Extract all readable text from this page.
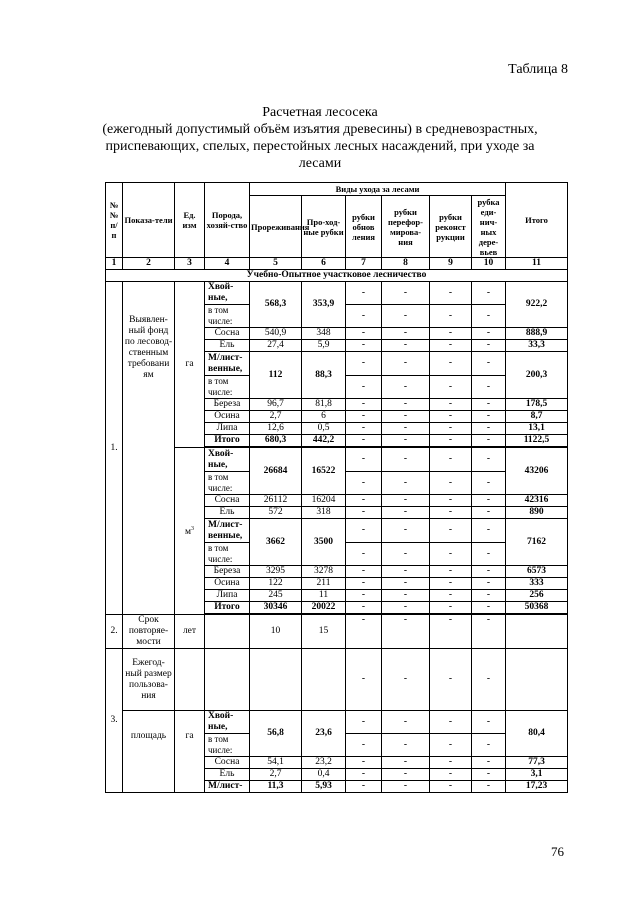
Таблица 8
Расчетная лесосека
(ежегодный допустимый объём изъятия древесины) в средневозрастных,
приспевающих, спелых, перестойных лесных насаждений, при уходе за
лесами
№ № п/ п	Показа-тели	Ед. изм	Порода, хозяй-ство	Виды ухода за лесами						Итого
				Прореживания	Про-ход-ные рубки	рубки обнов ления	рубки перефор-мирова-ния	рубки реконст рукции	рубка еди-нич-ных дере-вьев	
1	2	3	4	5	6	7	8	9	10	11
Учебно-Опытное участковое лесничество										
1.	Выявлен-ный фонд по лесовод-ственным требовани ям	га	Хвой-ные,	568,3	353,9	-	-	-	-	922,2
			в том числе:			-	-	-	-	
			Сосна	540,9	348	-	-	-	-	888,9
			Ель	27,4	5,9	-	-	-	-	33,3
			М/лист-венные,	112	88,3	-	-	-	-	200,3
			в том числе:			-	-	-	-	
			Береза	96,7	81,8	-	-	-	-	178,5
			Осина	2,7	6	-	-	-	-	8,7
			Липа	12,6	0,5	-	-	-	-	13,1
			Итого	680,3	442,2	-	-	-	-	1122,5

		$м^3$	Хвой-ные,	26684	16522	-	-	-	-	43206
			в том числе:			-	-	-	-	
			Сосна	26112	16204	-	-	-	-	42316
			Ель	572	318	-	-	-	-	890
			М/лист-венные,	3662	3500	-	-	-	-	7162
			в том числе:			-	-	-	-	
			Береза	3295	3278	-	-	-	-	6573
			Осина	122	211	-	-	-	-	333
			Липа	245	11	-	-	-	-	256
			Итого	30346	20022	-	-	-	-	50368

2.	Срок повторяе-мости	лет		10	15	-	-	-	-	
3.	Ежегод-ный размер пользова-ния					-	-	-	-	
	площадь	га	Хвой-ные,	56,8	23,6	-	-	-	-	80,4
			в том числе:			-	-	-	-	
			Сосна	54,1	23,2	-	-	-	-	77,3
			Ель	2,7	0,4	-	-	-	-	3,1
			М/лист-	11,3	5,93	-	-	-	-	17,23
76
